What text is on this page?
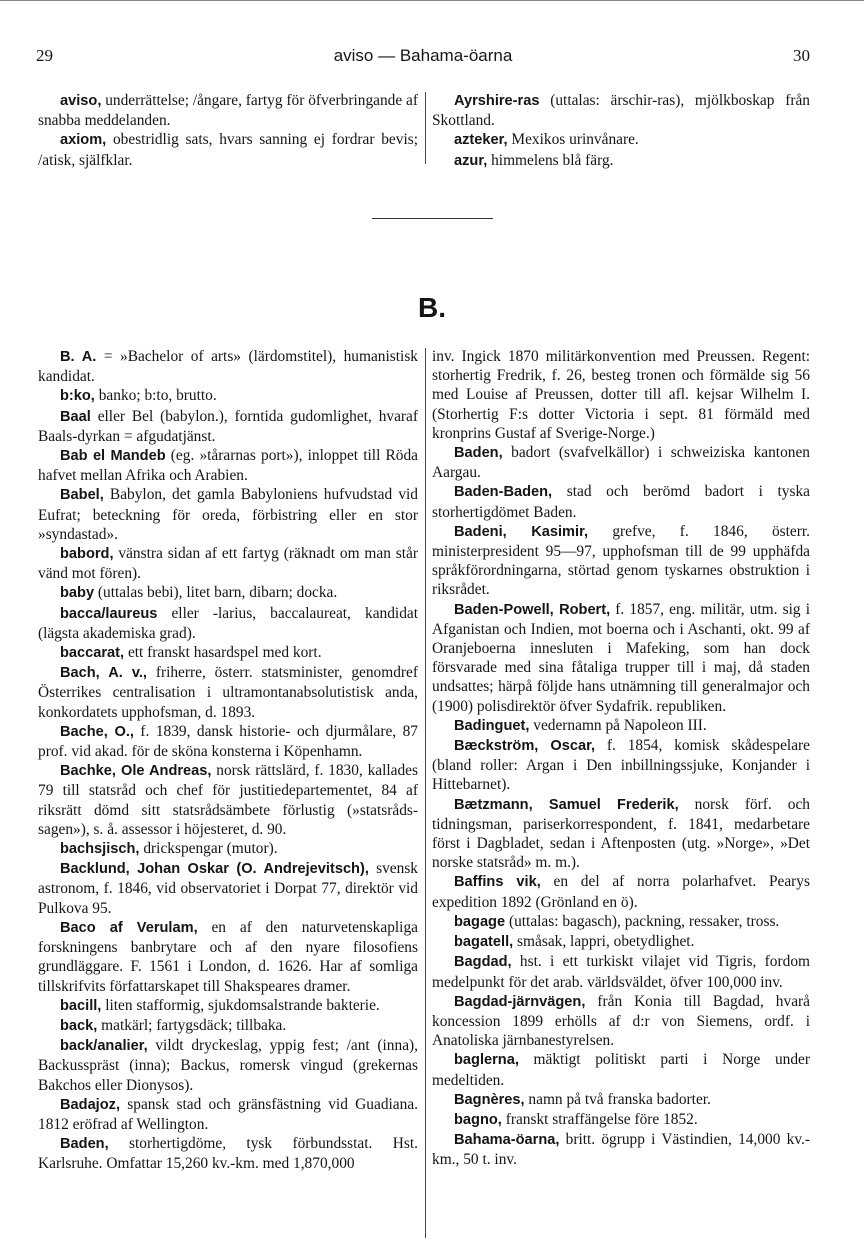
29	aviso — Bahama-öarna	30

aviso, underrättelse; /ångare, fartyg för öfverbringande af snabba meddelanden.

axiom, obestridlig sats, hvars sanning ej fordrar bevis; /atisk, själfklar.

Ayrshire-ras (uttalas: ärschir-ras), mjölkboskap från Skottland.

azteker, Mexikos urinvånare.

azur, himmelens blå färg.

B.

B. A. = »Bachelor of arts» (lärdomstitel), humanistisk kandidat.

b:ko, banko; b:to, brutto.

Baal eller Bel (babylon.), forntida gudomlighet, hvaraf Baals-dyrkan = afgudatjänst.

Bab el Mandeb (eg. »tårarnas port»), inloppet till Röda hafvet mellan Afrika och Arabien.

Babel, Babylon, det gamla Babyloniens hufvudstad vid Eufrat; beteckning för oreda, förbistring eller en stor »syndastad».

babord, vänstra sidan af ett fartyg (räknadt om man står vänd mot fören).

baby (uttalas bebi), litet barn, dibarn; docka.

bacca/laureus eller -larius, baccalaureat, kandidat (lägsta akademiska grad).

baccarat, ett franskt hasardspel med kort.

Bach, A. v., friherre, österr. statsminister, genomdref Österrikes centralisation i ultramontanabsolutistisk anda, konkordatets upphofsman, d. 1893.

Bache, O., f. 1839, dansk historie- och djurmålare, 87 prof. vid akad. för de sköna konsterna i Köpenhamn.

Bachke, Ole Andreas, norsk rättslärd, f. 1830, kallades 79 till statsråd och chef för justitiedepartementet, 84 af riksrätt dömd sitt statsrådsämbete förlustig (»statsråds-sagen»), s. å. assessor i höjesteret, d. 90.

bachsjisch, drickspengar (mutor).

Backlund, Johan Oskar (O. Andrejevitsch), svensk astronom, f. 1846, vid observatoriet i Dorpat 77, direktör vid Pulkova 95.

Baco af Verulam, en af den naturvetenskapliga forskningens banbrytare och af den nyare filosofiens grundläggare. F. 1561 i London, d. 1626. Har af somliga tillskrifvits författarskapet till Shakspeares dramer.

bacill, liten stafformig, sjukdomsalstrande bakterie.

back, matkärl; fartygsdäck; tillbaka.

back/analier, vildt dryckeslag, yppig fest; /ant (inna), Backusspräst (inna); Backus, romersk vingud (grekernas Bakchos eller Dionysos).

Badajoz, spansk stad och gränsfästning vid Guadiana. 1812 eröfrad af Wellington.

Baden, storhertigdöme, tysk förbundsstat. Hst. Karlsruhe. Omfattar 15,260 kv.-km. med 1,870,000

inv. Ingick 1870 militärkonvention med Preussen. Regent: storhertig Fredrik, f. 26, besteg tronen och förmälde sig 56 med Louise af Preussen, dotter till afl. kejsar Wilhelm I. (Storhertig F:s dotter Victoria i sept. 81 förmäld med kronprins Gustaf af Sverige-Norge.)

Baden, badort (svafvelkällor) i schweiziska kantonen Aargau.

Baden-Baden, stad och berömd badort i tyska storhertigdömet Baden.

Badeni, Kasimir, grefve, f. 1846, österr. ministerpresident 95—97, upphofsman till de 99 upphäfda språkförordningarna, störtad genom tyskarnes obstruktion i riksrådet.

Baden-Powell, Robert, f. 1857, eng. militär, utm. sig i Afganistan och Indien, mot boerna och i Aschanti, okt. 99 af Oranjeboerna innesluten i Mafeking, som han dock försvarade med sina fåtaliga trupper till i maj, då staden undsattes; härpå följde hans utnämning till generalmajor och (1900) polisdirektör öfver Sydafrik. republiken.

Badinguet, vedernamn på Napoleon III.

Bæckström, Oscar, f. 1854, komisk skådespelare (bland roller: Argan i Den inbillningssjuke, Konjander i Hittebarnet).

Bætzmann, Samuel Frederik, norsk förf. och tidningsman, pariserkorrespondent, f. 1841, medarbetare först i Dagbladet, sedan i Aftenposten (utg. »Norge», »Det norske statsråd» m. m.).

Baffins vik, en del af norra polarhafvet. Pearys expedition 1892 (Grönland en ö).

bagage (uttalas: bagasch), packning, ressaker, tross.

bagatell, småsak, lappri, obetydlighet.

Bagdad, hst. i ett turkiskt vilajet vid Tigris, fordom medelpunkt för det arab. världsväldet, öfver 100,000 inv.

Bagdad-järnvägen, från Konia till Bagdad, hvarå koncession 1899 erhölls af d:r von Siemens, ordf. i Anatoliska järnbanestyrelsen.

baglerna, mäktigt politiskt parti i Norge under medeltiden.

Bagnères, namn på två franska badorter.

bagno, franskt straffängelse före 1852.

Bahama-öarna, britt. ögrupp i Västindien, 14,000 kv.-km., 50 t. inv.
